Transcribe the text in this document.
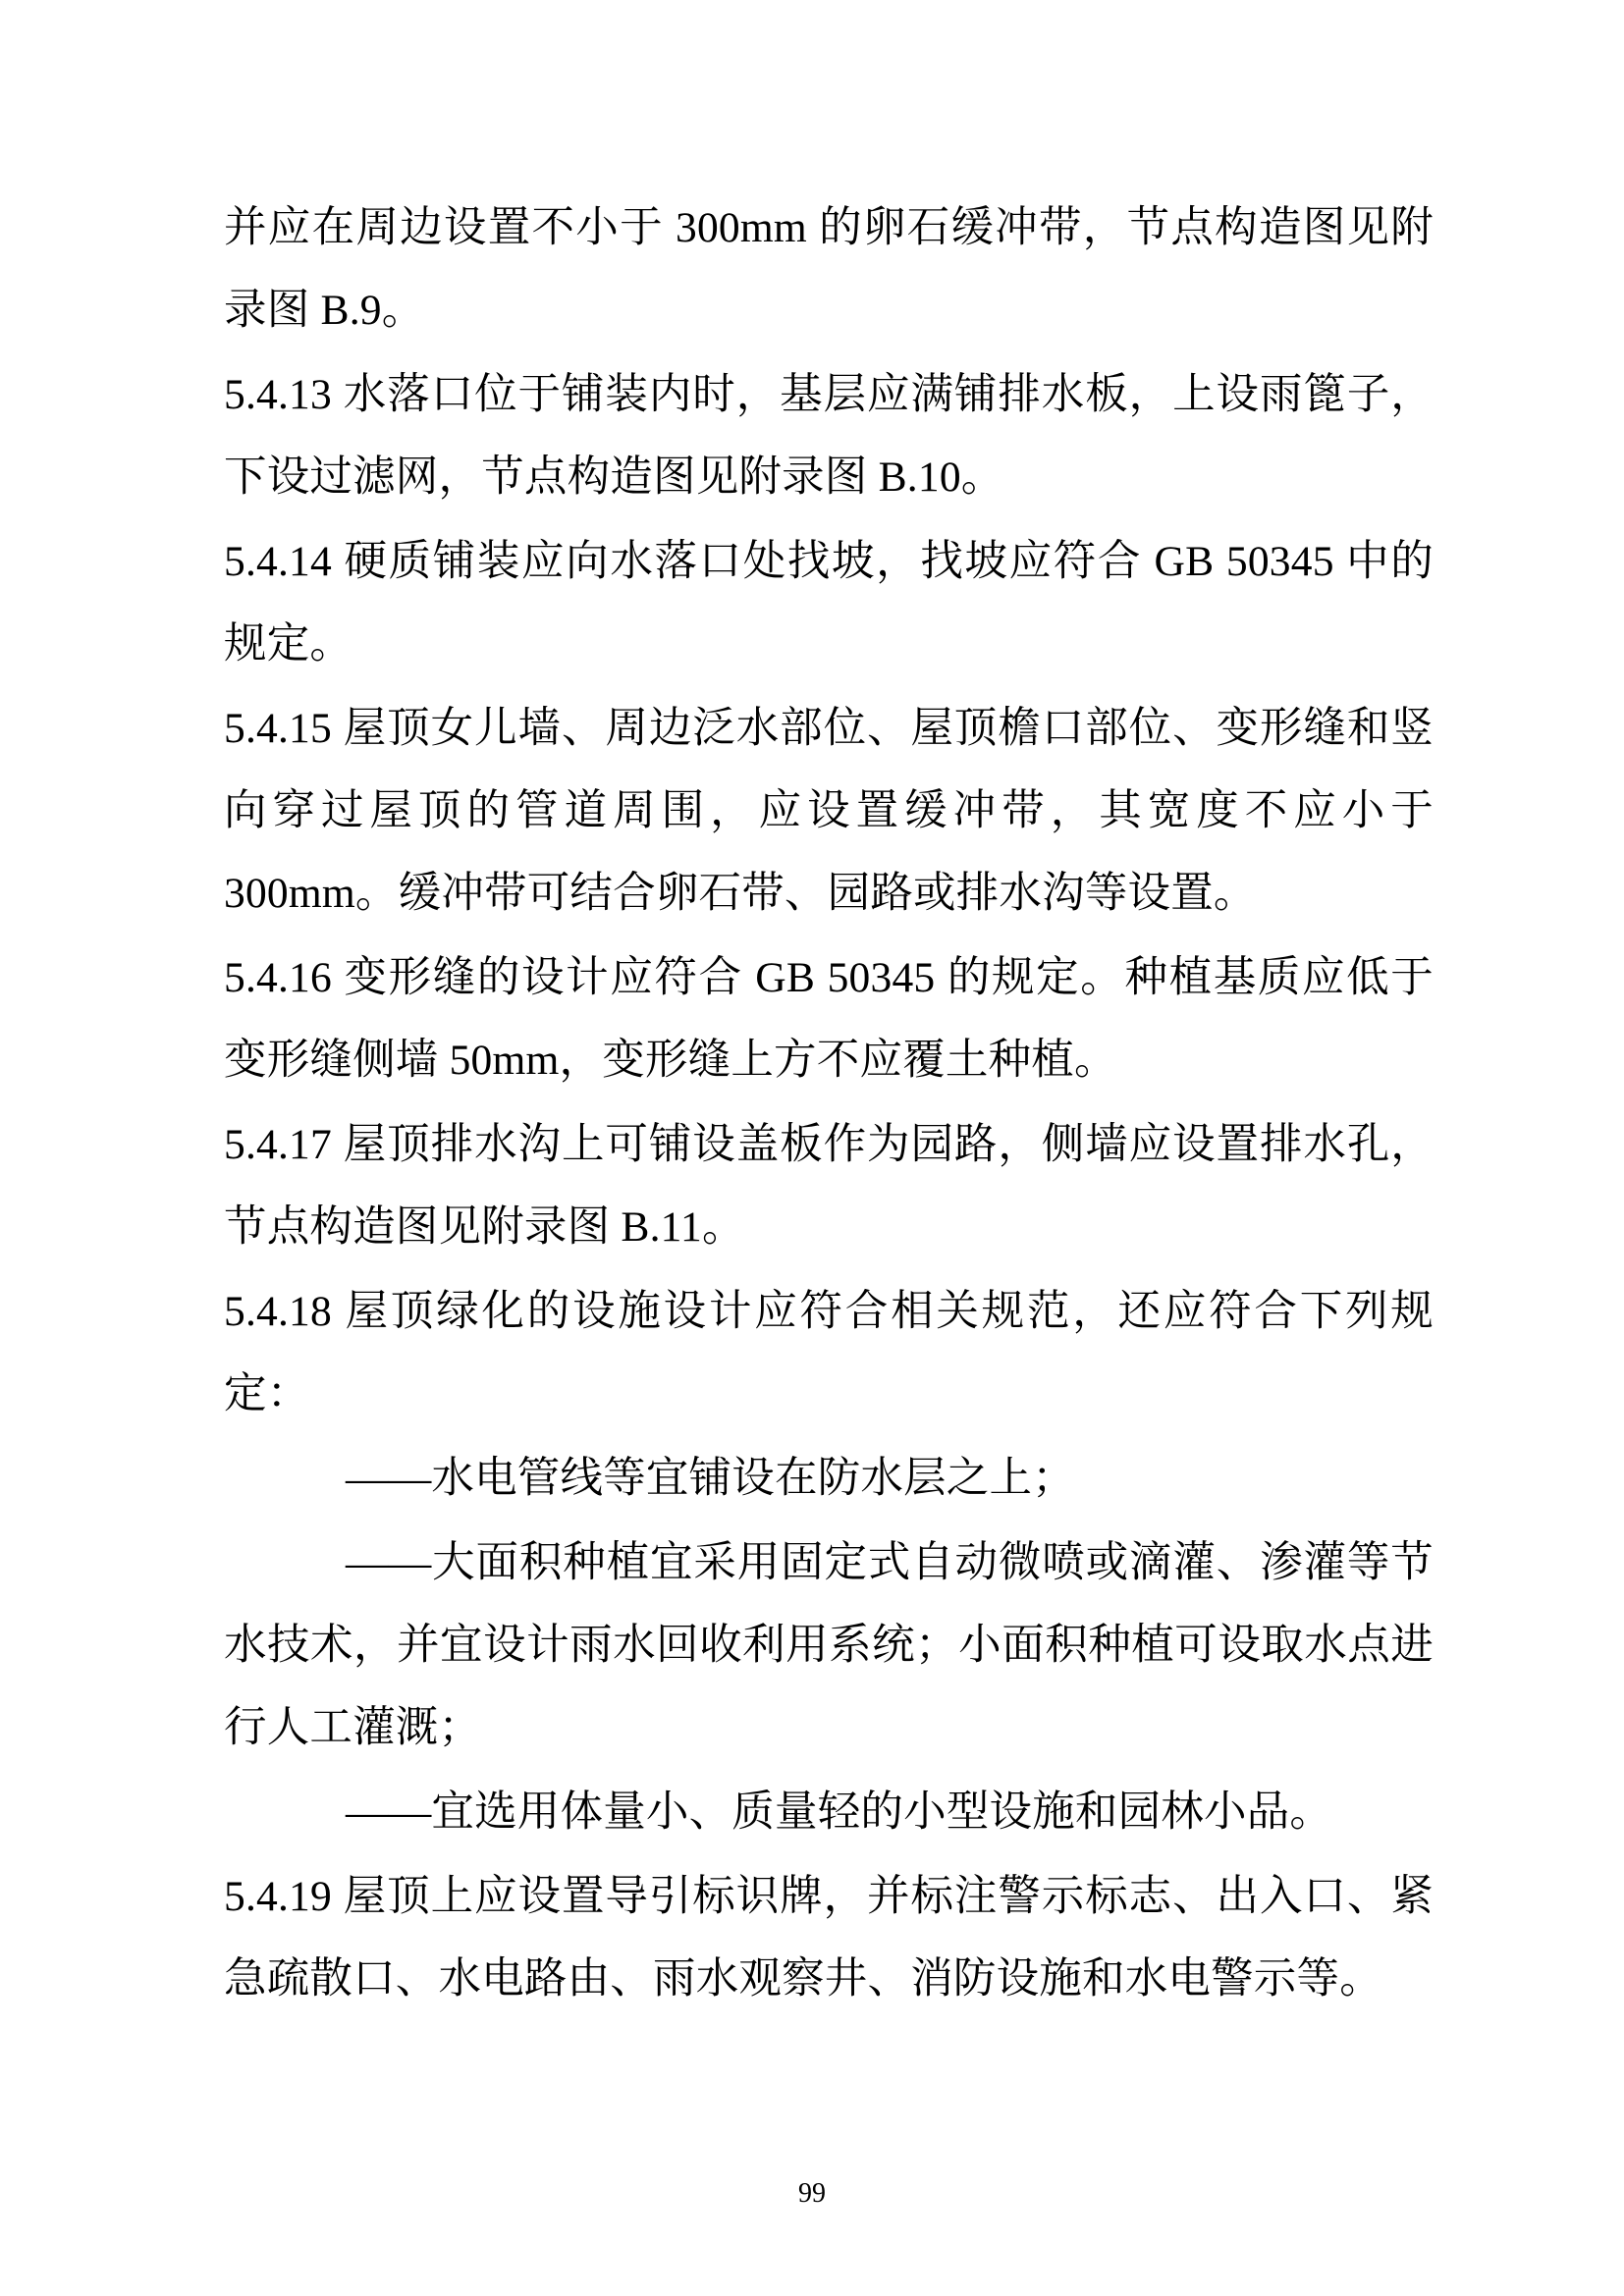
并应在周边设置不小于 300mm 的卵石缓冲带，节点构造图见附录图 B.9。

5.4.13 水落口位于铺装内时，基层应满铺排水板，上设雨篦子，下设过滤网，节点构造图见附录图 B.10。

5.4.14 硬质铺装应向水落口处找坡，找坡应符合 GB 50345 中的规定。

5.4.15 屋顶女儿墙、周边泛水部位、屋顶檐口部位、变形缝和竖向穿过屋顶的管道周围，应设置缓冲带，其宽度不应小于 300mm。缓冲带可结合卵石带、园路或排水沟等设置。

5.4.16 变形缝的设计应符合 GB 50345 的规定。种植基质应低于变形缝侧墙 50mm，变形缝上方不应覆土种植。

5.4.17 屋顶排水沟上可铺设盖板作为园路，侧墙应设置排水孔，节点构造图见附录图 B.11。

5.4.18 屋顶绿化的设施设计应符合相关规范，还应符合下列规定：

——水电管线等宜铺设在防水层之上；

——大面积种植宜采用固定式自动微喷或滴灌、渗灌等节水技术，并宜设计雨水回收利用系统；小面积种植可设取水点进行人工灌溉；

——宜选用体量小、质量轻的小型设施和园林小品。

5.4.19 屋顶上应设置导引标识牌，并标注警示标志、出入口、紧急疏散口、水电路由、雨水观察井、消防设施和水电警示等。

99
